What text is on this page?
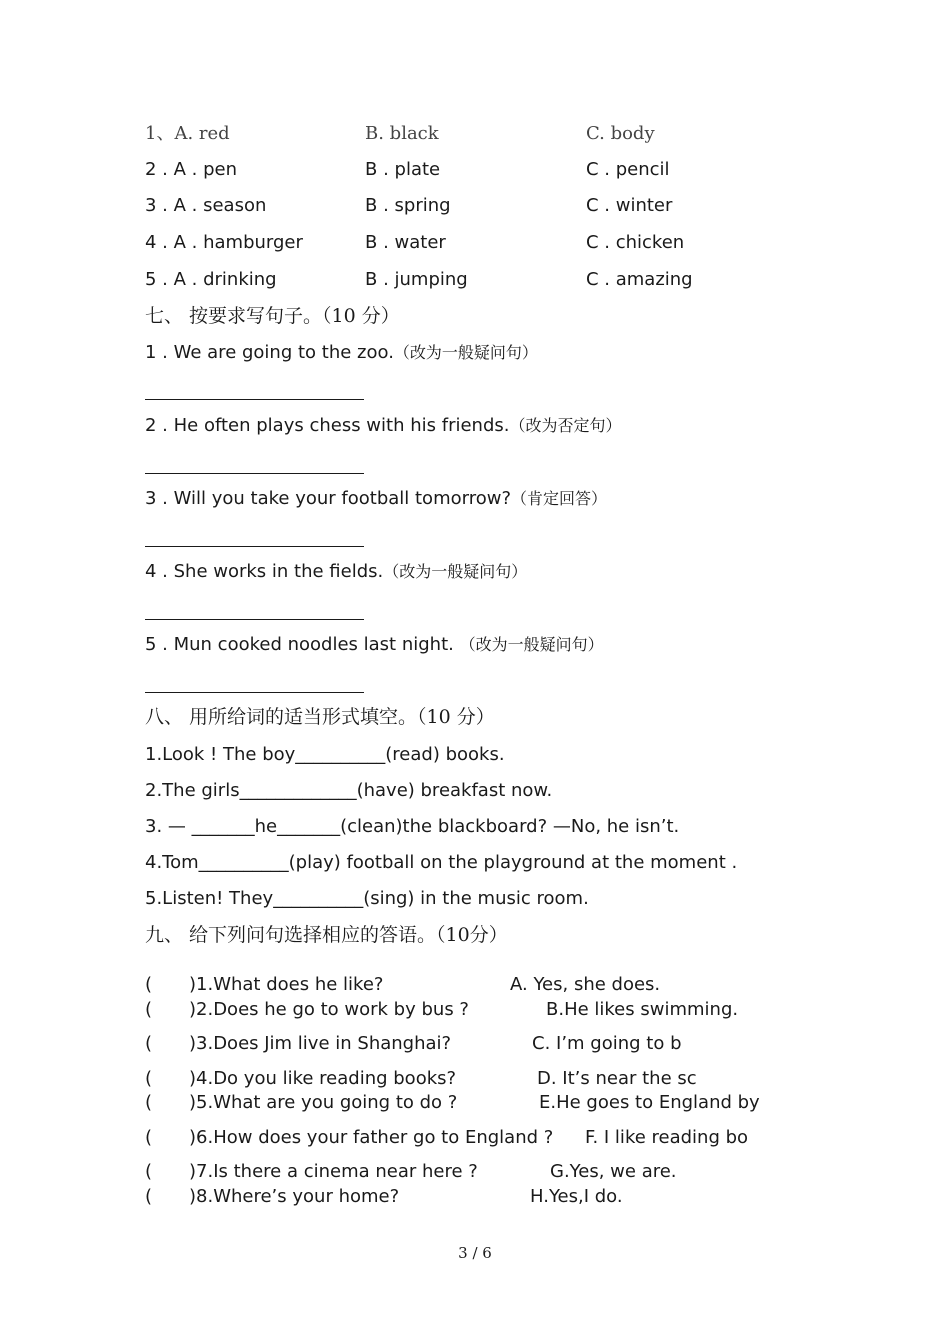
1、A. red	B. black	C. body
2 . A . pen	B . plate	C . pencil
3 . A . season	B . spring	C . winter
4 . A . hamburger	B . water	C . chicken
5 . A . drinking	B . jumping	C . amazing
七、 按要求写句子。（10 分）
1 . We are going to the zoo.（改为一般疑问句）
2 . He often plays chess with his friends.（改为否定句）
3 . Will you take your football tomorrow?（肯定回答）
4 . She works in the fields.（改为一般疑问句）
5 . Mun cooked noodles last night. （改为一般疑问句）
八、 用所给词的适当形式填空。（10 分）
1.Look ! The boy__________(read) books.
2.The girls_____________(have) breakfast now.
3. — _______he_______(clean)the blackboard? —No, he isn’t.
4.Tom__________(play) football on the playground at the moment .
5.Listen! They__________(sing) in the music room.
九、 给下列问句选择相应的答语。（10分）
( )1.What does he like?	A. Yes, she does.
( )2.Does he go to work by bus ?	B.He likes swimming.
( )3.Does Jim live in Shanghai?	C. I’m going to b
( )4.Do you like reading books?	D. It’s near the sc
( )5.What are you going to do ?	E.He goes to England by
( )6.How does your father go to England ? F. I like reading bo
( )7.Is there a cinema near here ?	G.Yes, we are.
( )8.Where’s your home?	H.Yes,I do.
3 / 6
